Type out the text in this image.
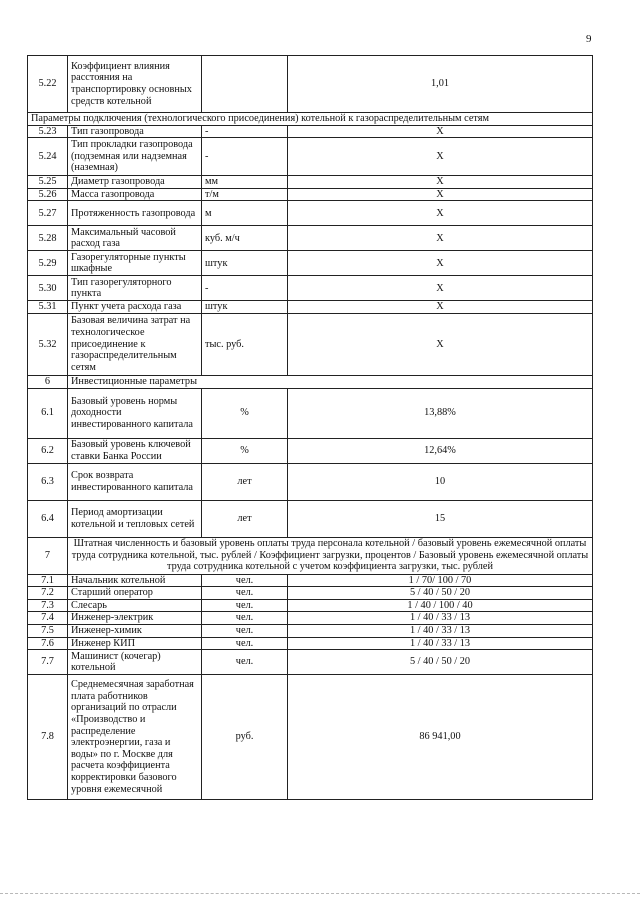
9
5.22	Коэффициент влияния расстояния на транспортировку основных средств котельной		1,01
Параметры подключения (технологического присоединения) котельной к газораспределительным сетям			
5.23	Тип газопровода	-	Х
5.24	Тип прокладки газопровода (подземная или надземная (наземная)	-	Х
5.25	Диаметр газопровода	мм	Х
5.26	Масса газопровода	т/м	Х
5.27	Протяженность газопровода	м	Х
5.28	Максимальный часовой расход газа	куб. м/ч	Х
5.29	Газорегуляторные пункты шкафные	штук	Х
5.30	Тип газорегуляторного пункта	-	Х
5.31	Пункт учета расхода газа	штук	Х
5.32	Базовая величина затрат на технологическое присоединение к газораспределительным сетям	тыс. руб.	Х
6	Инвестиционные параметры		
6.1	Базовый уровень нормы доходности инвестированного капитала	%	13,88%
6.2	Базовый уровень ключевой ставки Банка России	%	12,64%
6.3	Срок возврата инвестированного капитала	лет	10
6.4	Период амортизации котельной и тепловых сетей	лет	15
7	Штатная численность и базовый уровень оплаты труда персонала котельной / базовый уровень ежемесячной оплаты труда сотрудника котельной, тыс. рублей / Коэффициент загрузки, процентов / Базовый уровень ежемесячной оплаты труда сотрудника котельной с учетом коэффициента загрузки, тыс. рублей		
7.1	Начальник котельной	чел.	1 / 70/ 100 / 70
7.2	Старший оператор	чел.	5 / 40 / 50 / 20
7.3	Слесарь	чел.	1 / 40 / 100 / 40
7.4	Инженер-электрик	чел.	1 / 40 / 33 / 13
7.5	Инженер-химик	чел.	1 / 40 / 33 / 13
7.6	Инженер КИП	чел.	1 / 40 / 33 / 13
7.7	Машинист (кочегар) котельной	чел.	5 / 40 / 50 / 20
7.8	Среднемесячная заработная плата работников организаций по отрасли «Производство и распределение электроэнергии, газа и воды» по г. Москве для расчета коэффициента корректировки базового уровня ежемесячной	руб.	86 941,00
